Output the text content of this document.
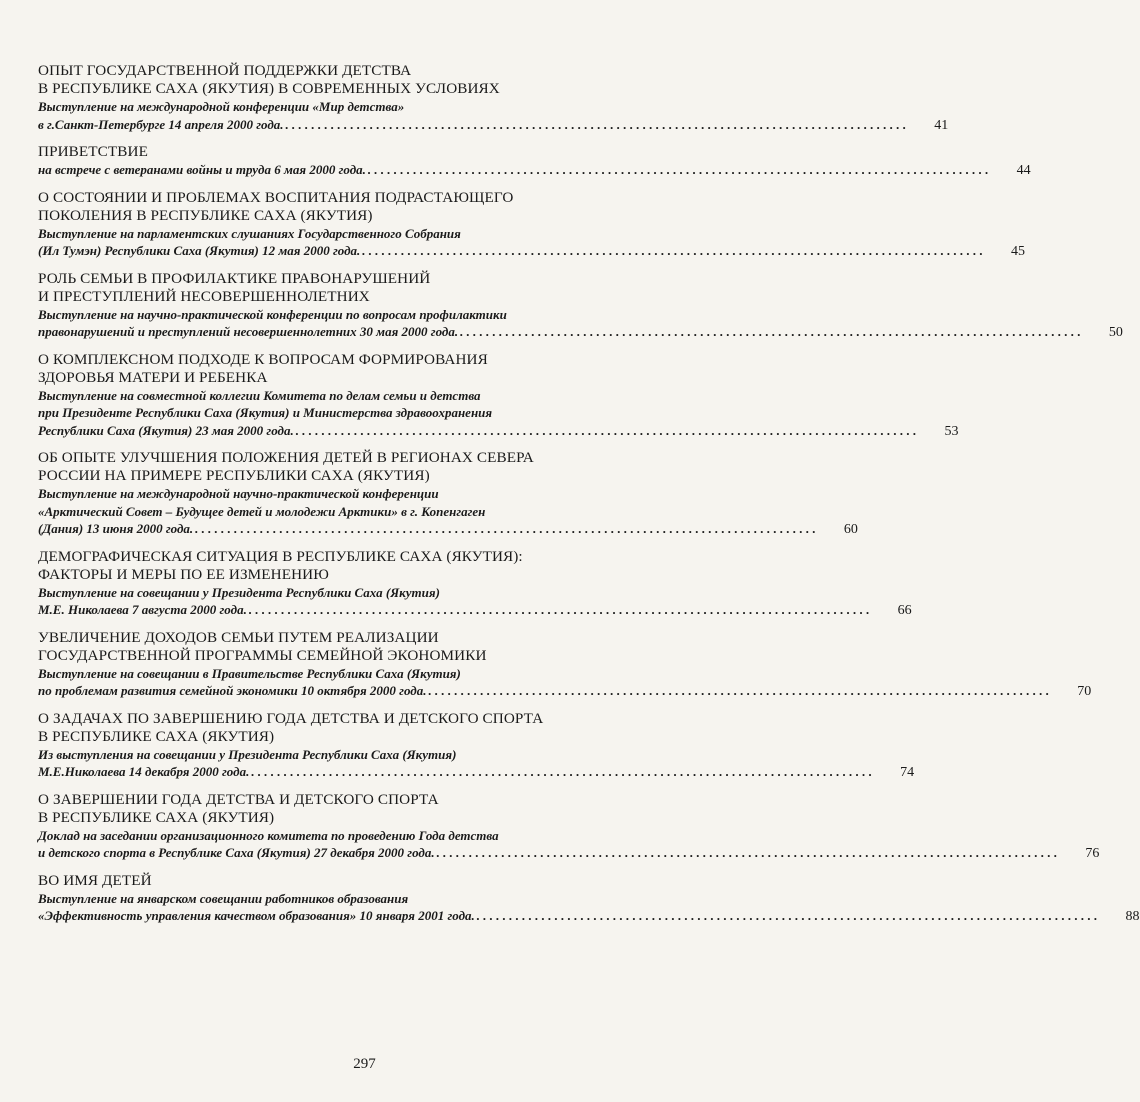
ОПЫТ ГОСУДАРСТВЕННОЙ ПОДДЕРЖКИ ДЕТСТВА
В РЕСПУБЛИКЕ САХА (ЯКУТИЯ) В СОВРЕМЕННЫХ УСЛОВИЯХ
Выступление на международной конференции «Мир детства»
в г.Санкт-Петербурге 14 апреля 2000 года. . . .	41
ПРИВЕТСТВИЕ
на встрече с ветеранами войны и труда 6 мая 2000 года. . . .	44
О СОСТОЯНИИ И ПРОБЛЕМАХ ВОСПИТАНИЯ ПОДРАСТАЮЩЕГО
ПОКОЛЕНИЯ В РЕСПУБЛИКЕ САХА (ЯКУТИЯ)
Выступление на парламентских слушаниях Государственного Собрания
(Ил Тумэн) Республики Саха (Якутия) 12 мая 2000 года. . . .	45
РОЛЬ СЕМЬИ В ПРОФИЛАКТИКЕ ПРАВОНАРУШЕНИЙ
И ПРЕСТУПЛЕНИЙ НЕСОВЕРШЕННОЛЕТНИХ
Выступление на научно-практической конференции по вопросам профилактики
правонарушений и преступлений несовершеннолетних 30 мая 2000 года. . . .	50
О КОМПЛЕКСНОМ ПОДХОДЕ К ВОПРОСАМ ФОРМИРОВАНИЯ
ЗДОРОВЬЯ МАТЕРИ И РЕБЕНКА
Выступление на совместной коллегии Комитета по делам семьи и детства
при Президенте Республики Саха (Якутия) и Министерства здравоохранения
Республики Саха (Якутия) 23 мая 2000 года. . . .	53
ОБ ОПЫТЕ УЛУЧШЕНИЯ ПОЛОЖЕНИЯ ДЕТЕЙ В РЕГИОНАХ СЕВЕРА
РОССИИ НА ПРИМЕРЕ РЕСПУБЛИКИ САХА (ЯКУТИЯ)
Выступление на международной научно-практической конференции
«Арктический Совет – Будущее детей и молодежи Арктики» в г. Копенгаген
(Дания) 13 июня 2000 года. . . .	60
ДЕМОГРАФИЧЕСКАЯ СИТУАЦИЯ В РЕСПУБЛИКЕ САХА (ЯКУТИЯ):
ФАКТОРЫ И МЕРЫ ПО ЕЕ ИЗМЕНЕНИЮ
Выступление на совещании у Президента Республики Саха (Якутия)
М.Е. Николаева 7 августа 2000 года. . . .	66
УВЕЛИЧЕНИЕ ДОХОДОВ СЕМЬИ ПУТЕМ РЕАЛИЗАЦИИ
ГОСУДАРСТВЕННОЙ ПРОГРАММЫ СЕМЕЙНОЙ ЭКОНОМИКИ
Выступление на совещании в Правительстве Республики Саха (Якутия)
по проблемам развития семейной экономики 10 октября 2000 года. . . .	70
О ЗАДАЧАХ ПО ЗАВЕРШЕНИЮ ГОДА ДЕТСТВА И ДЕТСКОГО СПОРТА
В РЕСПУБЛИКЕ САХА (ЯКУТИЯ)
Из выступления на совещании у Президента Республики Саха (Якутия)
М.Е.Николаева 14 декабря 2000 года. . . .	74
О ЗАВЕРШЕНИИ ГОДА ДЕТСТВА И ДЕТСКОГО СПОРТА
В РЕСПУБЛИКЕ САХА (ЯКУТИЯ)
Доклад на заседании организационного комитета по проведению Года детства
и детского спорта в Республике Саха (Якутия) 27 декабря 2000 года. . . .	76
ВО ИМЯ ДЕТЕЙ
Выступление на январском совещании работников образования
«Эффективность управления качеством образования» 10 января 2001 года. . . .	88
297
